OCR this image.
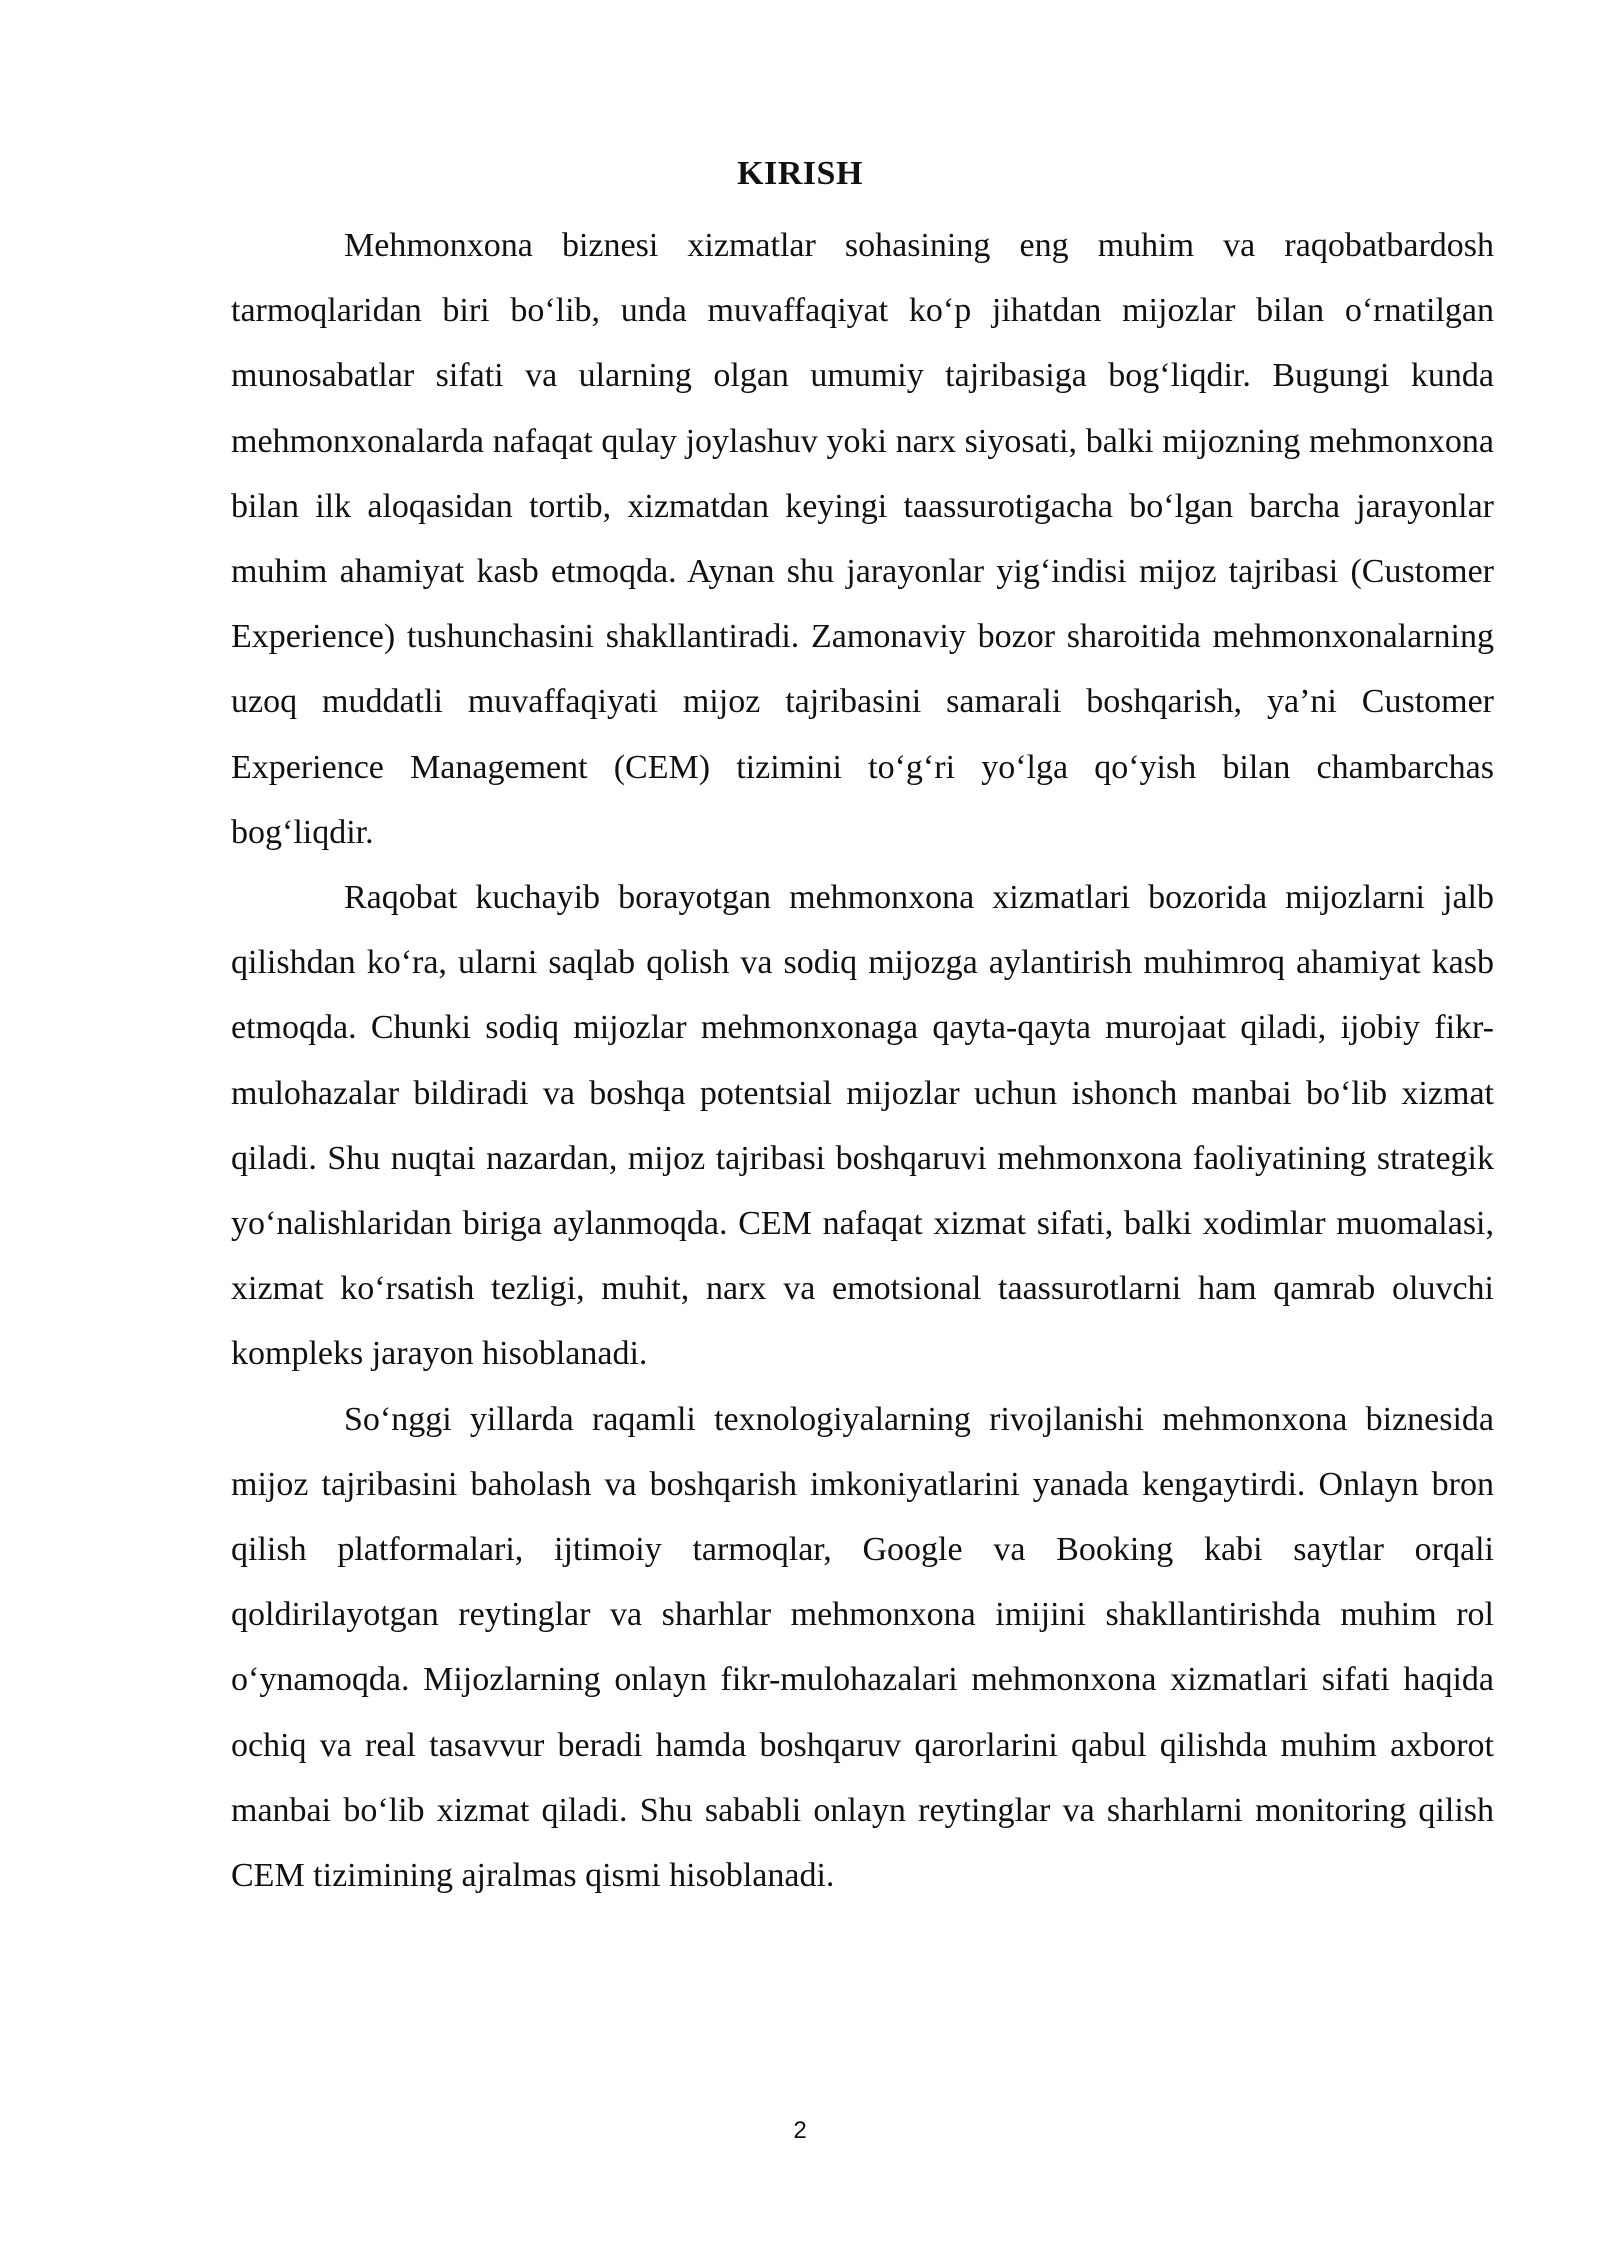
KIRISH

Mehmonxona biznesi xizmatlar sohasining eng muhim va raqobatbardosh tarmoqlaridan biri bo‘lib, unda muvaffaqiyat ko‘p jihatdan mijozlar bilan o‘rnatilgan munosabatlar sifati va ularning olgan umumiy tajribasiga bog‘liqdir. Bugungi kunda mehmonxonalarda nafaqat qulay joylashuv yoki narx siyosati, balki mijozning mehmonxona bilan ilk aloqasidan tortib, xizmatdan keyingi taassurotigacha bo‘lgan barcha jarayonlar muhim ahamiyat kasb etmoqda. Aynan shu jarayonlar yig‘indisi mijoz tajribasi (Customer Experience) tushunchasini shakllantiradi. Zamonaviy bozor sharoitida mehmonxonalarning uzoq muddatli muvaffaqiyati mijoz tajribasini samarali boshqarish, ya’ni Customer Experience Management (CEM) tizimini to‘g‘ri yo‘lga qo‘yish bilan chambarchas bog‘liqdir.

Raqobat kuchayib borayotgan mehmonxona xizmatlari bozorida mijozlarni jalb qilishdan ko‘ra, ularni saqlab qolish va sodiq mijozga aylantirish muhimroq ahamiyat kasb etmoqda. Chunki sodiq mijozlar mehmonxonaga qayta-qayta murojaat qiladi, ijobiy fikr-mulohazalar bildiradi va boshqa potentsial mijozlar uchun ishonch manbai bo‘lib xizmat qiladi. Shu nuqtai nazardan, mijoz tajribasi boshqaruvi mehmonxona faoliyatining strategik yo‘nalishlaridan biriga aylanmoqda. CEM nafaqat xizmat sifati, balki xodimlar muomalasi, xizmat ko‘rsatish tezligi, muhit, narx va emotsional taassurotlarni ham qamrab oluvchi kompleks jarayon hisoblanadi.

So‘nggi yillarda raqamli texnologiyalarning rivojlanishi mehmonxona biznesida mijoz tajribasini baholash va boshqarish imkoniyatlarini yanada kengaytirdi. Onlayn bron qilish platformalari, ijtimoiy tarmoqlar, Google va Booking kabi saytlar orqali qoldirilayotgan reytinglar va sharhlar mehmonxona imijini shakllantirishda muhim rol o‘ynamoqda. Mijozlarning onlayn fikr-mulohazalari mehmonxona xizmatlari sifati haqida ochiq va real tasavvur beradi hamda boshqaruv qarorlarini qabul qilishda muhim axborot manbai bo‘lib xizmat qiladi. Shu sababli onlayn reytinglar va sharhlarni monitoring qilish CEM tizimining ajralmas qismi hisoblanadi.

2
